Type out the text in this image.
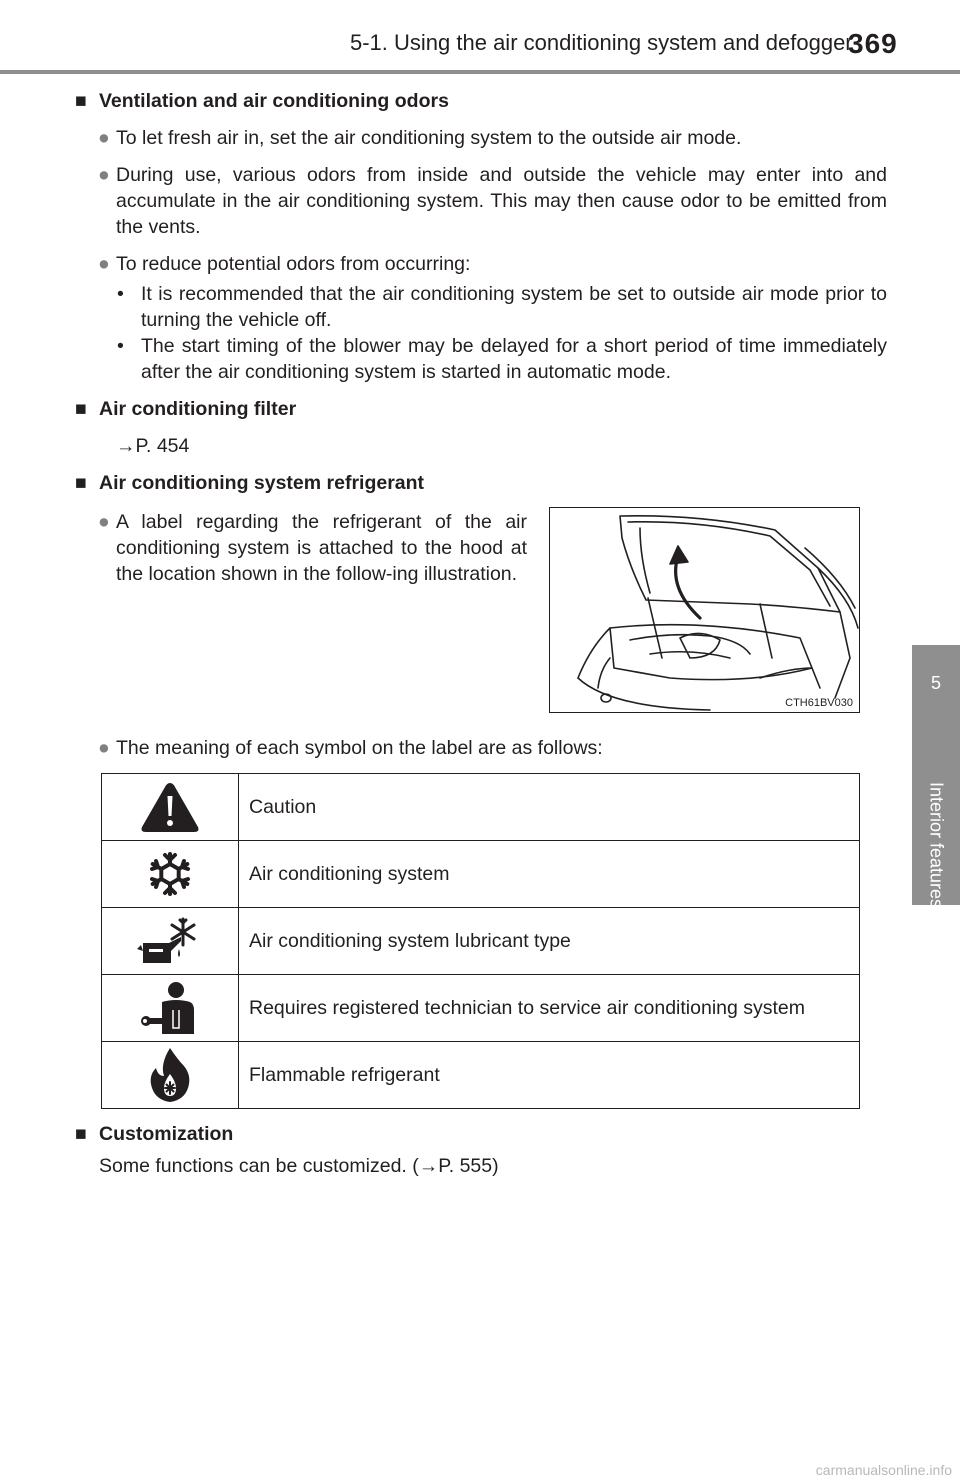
5-1. Using the air conditioning system and defogger
369
5
Interior features
■ Ventilation and air conditioning odors
● To let fresh air in, set the air conditioning system to the outside air mode.
● During use, various odors from inside and outside the vehicle may enter into and accumulate in the air conditioning system. This may then cause odor to be emitted from the vents.
● To reduce potential odors from occurring:
• It is recommended that the air conditioning system be set to outside air mode prior to turning the vehicle off.
• The start timing of the blower may be delayed for a short period of time immediately after the air conditioning system is started in automatic mode.
■ Air conditioning filter
→P. 454
■ Air conditioning system refrigerant
● A label regarding the refrigerant of the air conditioning system is attached to the hood at the location shown in the follow-ing illustration.
CTH61BV030
● The meaning of each symbol on the label are as follows:
	Caution

	Air conditioning system

	Air conditioning system lubricant type

	Requires registered technician to service air conditioning system

	Flammable refrigerant
■ Customization
Some functions can be customized. (→P. 555)
carmanualsonline.info
